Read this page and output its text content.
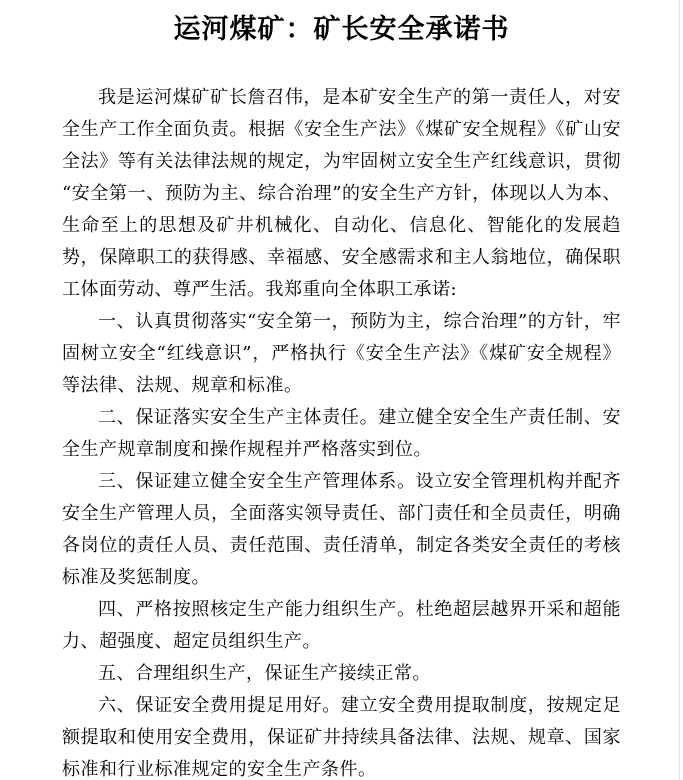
运河煤矿：矿长安全承诺书

我是运河煤矿矿长詹召伟，是本矿安全生产的第一责任人，对安全生产工作全面负责。根据《安全生产法》《煤矿安全规程》《矿山安全法》等有关法律法规的规定，为牢固树立安全生产红线意识，贯彻“安全第一、预防为主、综合治理”的安全生产方针，体现以人为本、生命至上的思想及矿井机械化、自动化、信息化、智能化的发展趋势，保障职工的获得感、幸福感、安全感需求和主人翁地位，确保职工体面劳动、尊严生活。我郑重向全体职工承诺:

一、认真贯彻落实“安全第一，预防为主，综合治理”的方针，牢固树立安全“红线意识”，严格执行《安全生产法》《煤矿安全规程》等法律、法规、规章和标准。

二、保证落实安全生产主体责任。建立健全安全生产责任制、安全生产规章制度和操作规程并严格落实到位。

三、保证建立健全安全生产管理体系。设立安全管理机构并配齐安全生产管理人员，全面落实领导责任、部门责任和全员责任，明确各岗位的责任人员、责任范围、责任清单，制定各类安全责任的考核标准及奖惩制度。

四、严格按照核定生产能力组织生产。杜绝超层越界开采和超能力、超强度、超定员组织生产。

五、合理组织生产，保证生产接续正常。

六、保证安全费用提足用好。建立安全费用提取制度，按规定足额提取和使用安全费用，保证矿井持续具备法律、法规、规章、国家标准和行业标准规定的安全生产条件。
